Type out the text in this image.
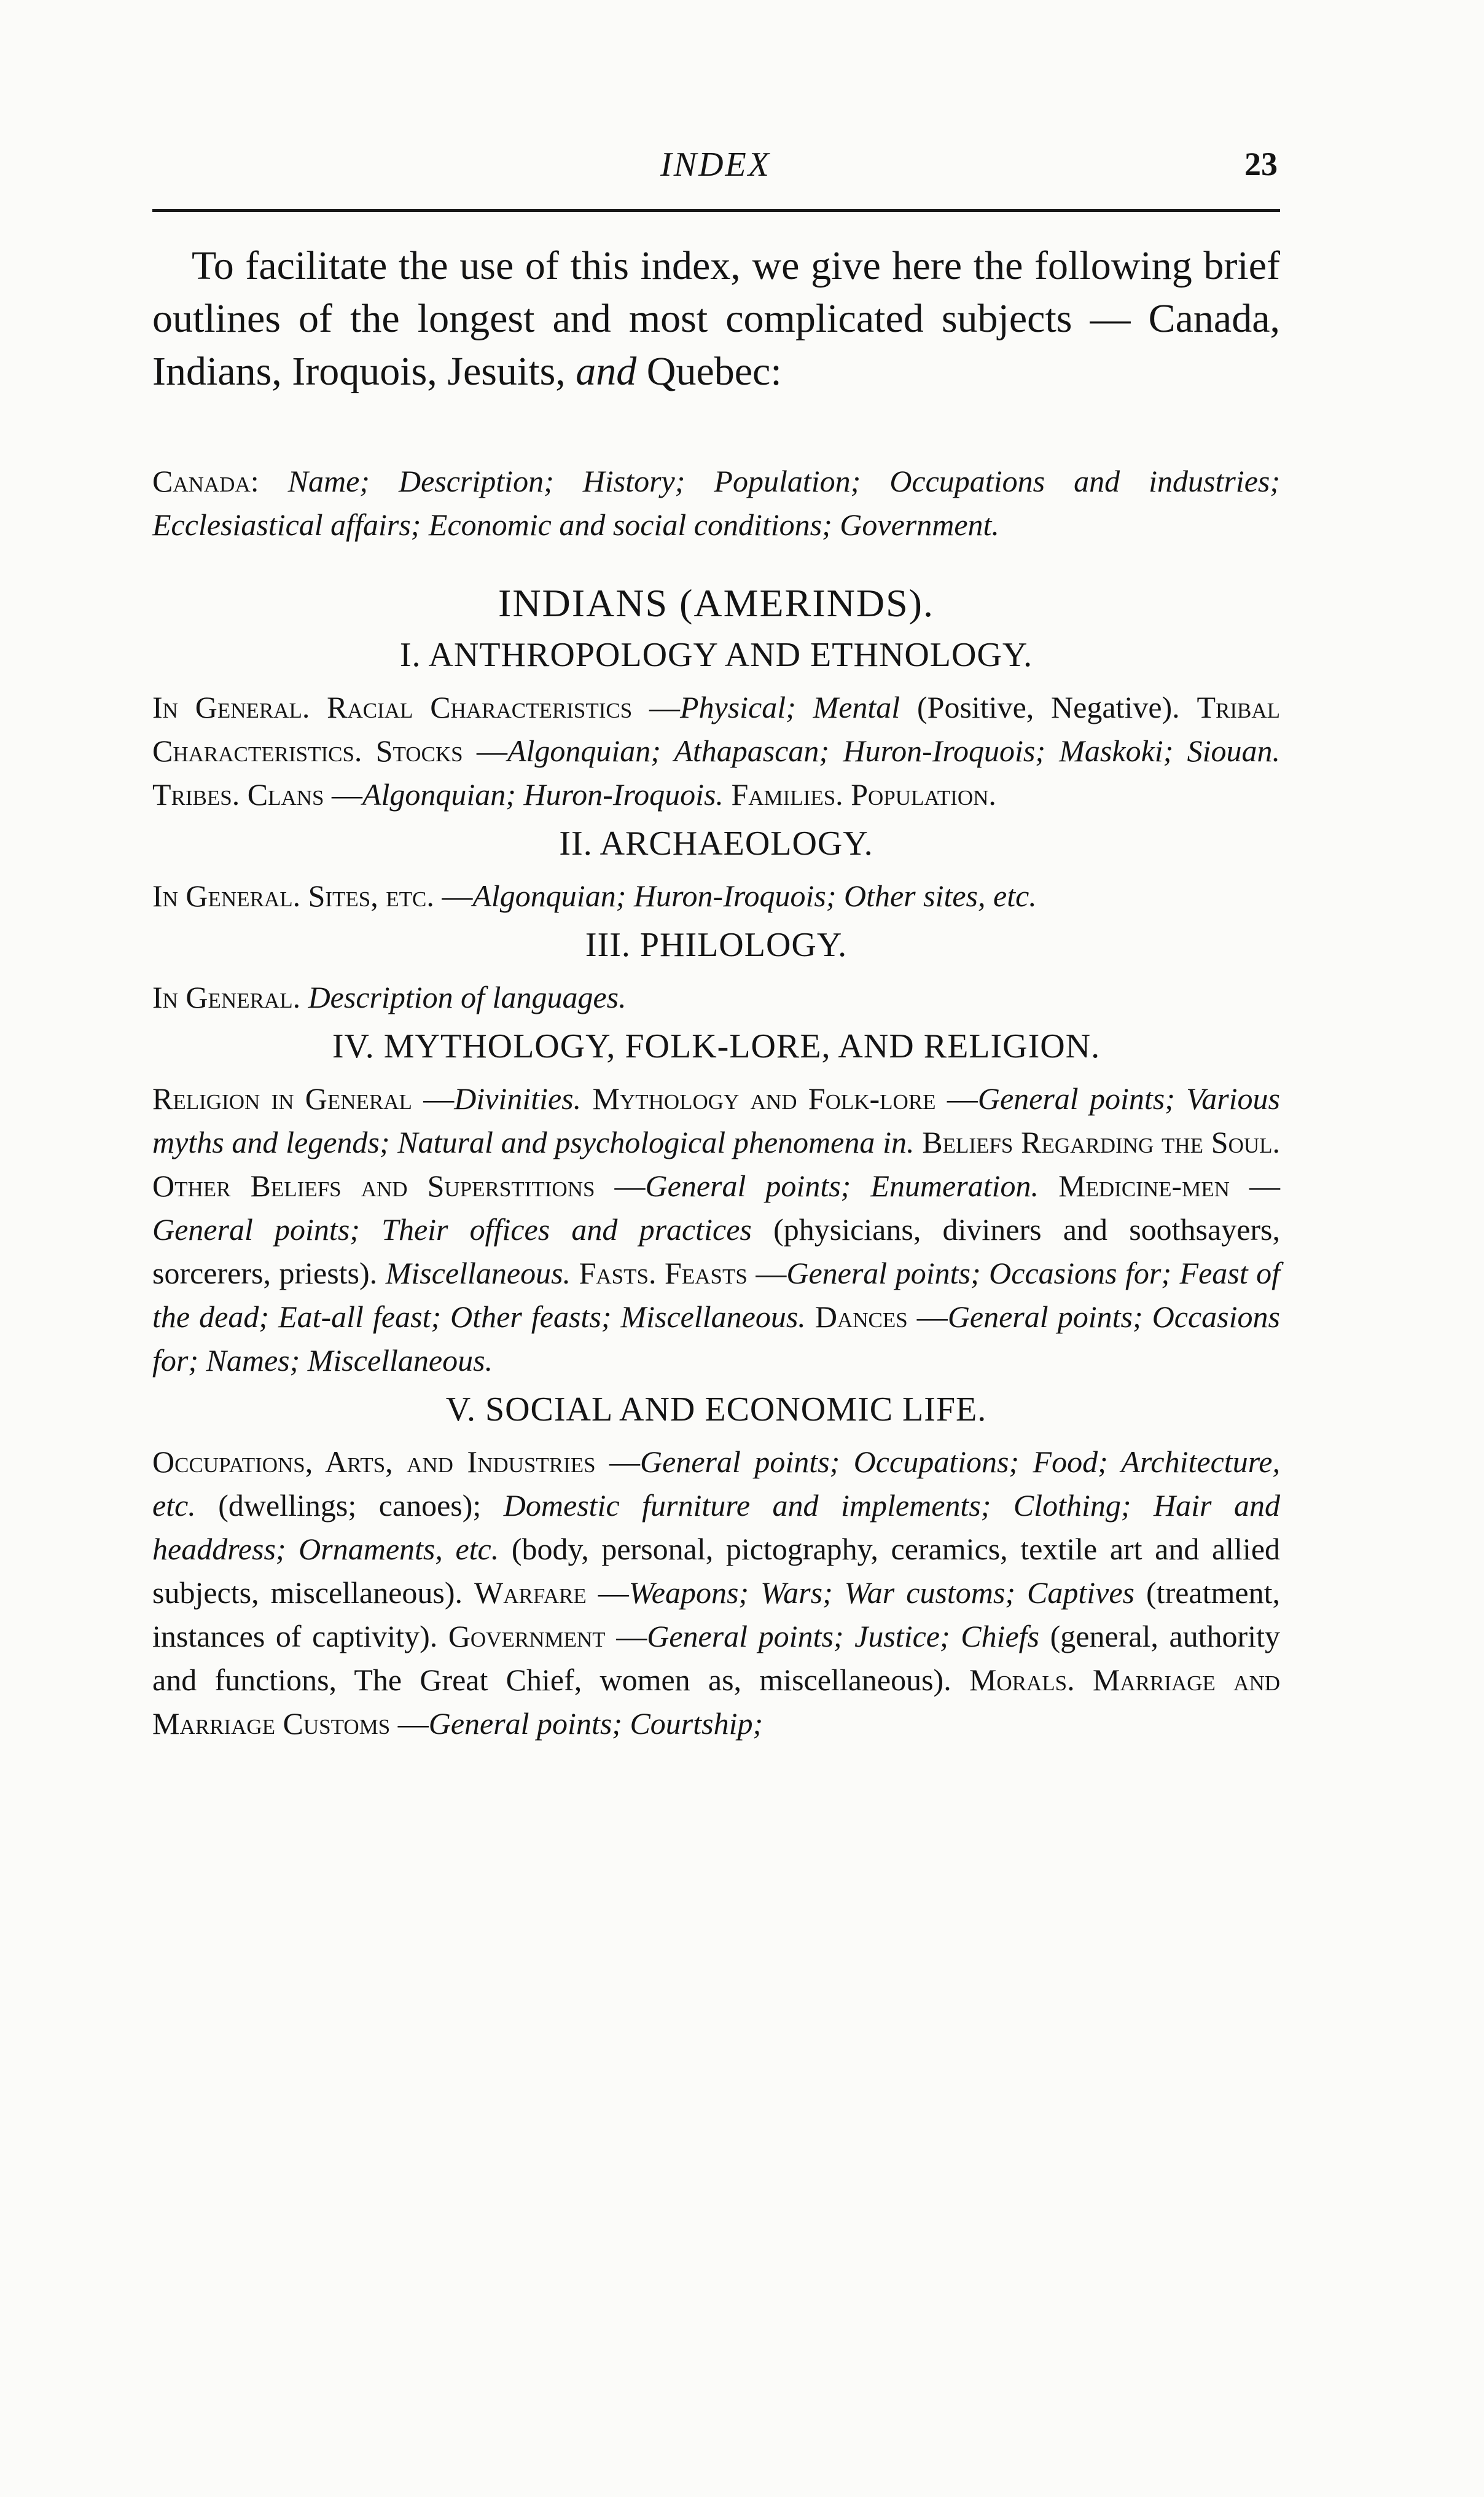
INDEX	23

To facilitate the use of this index, we give here the following brief outlines of the longest and most complicated subjects — Canada, Indians, Iroquois, Jesuits, and Quebec:

Canada: Name; Description; History; Population; Occupations and industries; Ecclesiastical affairs; Economic and social conditions; Government.

INDIANS (AMERINDS).
I. ANTHROPOLOGY AND ETHNOLOGY.

In General. Racial Characteristics —Physical; Mental (Positive, Negative). Tribal Characteristics. Stocks —Algonquian; Athapascan; Huron-Iroquois; Maskoki; Siouan. Tribes. Clans —Algonquian; Huron-Iroquois. Families. Population.

II. ARCHAEOLOGY.

In General. Sites, etc. —Algonquian; Huron-Iroquois; Other sites, etc.

III. PHILOLOGY.

In General. Description of languages.

IV. MYTHOLOGY, FOLK-LORE, AND RELIGION.

Religion in General —Divinities. Mythology and Folk-lore —General points; Various myths and legends; Natural and psychological phenomena in. Beliefs Regarding the Soul. Other Beliefs and Superstitions —General points; Enumeration. Medicine-men —General points; Their offices and practices (physicians, diviners and soothsayers, sorcerers, priests). Miscellaneous. Fasts. Feasts —General points; Occasions for; Feast of the dead; Eat-all feast; Other feasts; Miscellaneous. Dances —General points; Occasions for; Names; Miscellaneous.

V. SOCIAL AND ECONOMIC LIFE.

Occupations, Arts, and Industries —General points; Occupations; Food; Architecture, etc. (dwellings; canoes); Domestic furniture and implements; Clothing; Hair and headdress; Ornaments, etc. (body, personal, pictography, ceramics, textile art and allied subjects, miscellaneous). Warfare —Weapons; Wars; War customs; Captives (treatment, instances of captivity). Government —General points; Justice; Chiefs (general, authority and functions, The Great Chief, women as, miscellaneous). Morals. Marriage and Marriage Customs —General points; Courtship;
